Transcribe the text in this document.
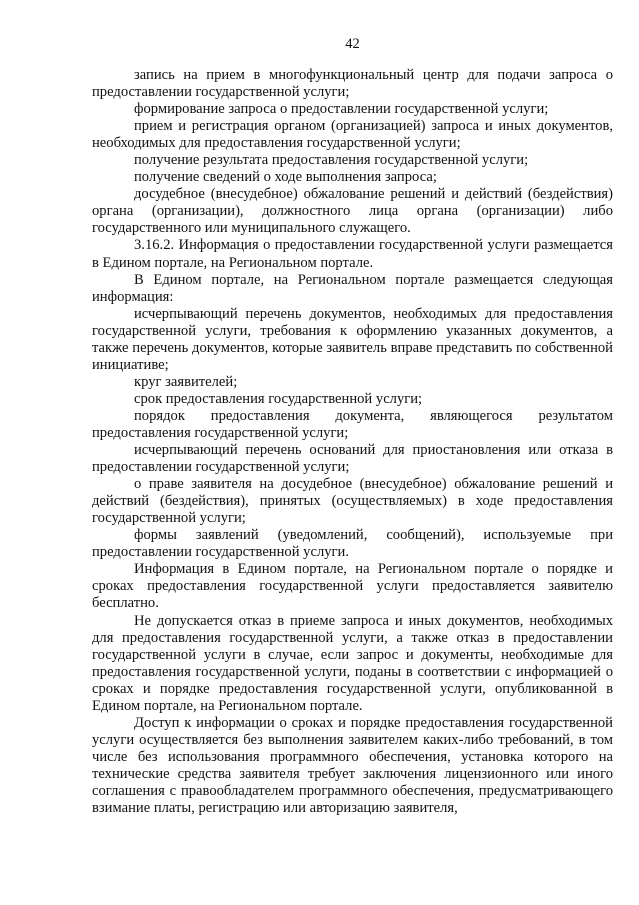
42

запись на прием в многофункциональный центр для подачи запроса о предоставлении государственной услуги;

формирование запроса о предоставлении государственной услуги;

прием и регистрация органом (организацией) запроса и иных документов, необходимых для предоставления государственной услуги;

получение результата предоставления государственной услуги;

получение сведений о ходе выполнения запроса;

досудебное (внесудебное) обжалование решений и действий (бездействия) органа (организации), должностного лица органа (организации) либо государственного или муниципального служащего.

3.16.2. Информация о предоставлении государственной услуги размещается в Едином портале, на Региональном портале.

В Едином портале, на Региональном портале размещается следующая информация:

исчерпывающий перечень документов, необходимых для предоставления государственной услуги, требования к оформлению указанных документов, а также перечень документов, которые заявитель вправе представить по собственной инициативе;

круг заявителей;

срок предоставления государственной услуги;

порядок предоставления документа, являющегося результатом предоставления государственной услуги;

исчерпывающий перечень оснований для приостановления или отказа в предоставлении государственной услуги;

о праве заявителя на досудебное (внесудебное) обжалование решений и действий (бездействия), принятых (осуществляемых) в ходе предоставления государственной услуги;

формы заявлений (уведомлений, сообщений), используемые при предоставлении государственной услуги.

Информация в Едином портале, на Региональном портале о порядке и сроках предоставления государственной услуги предоставляется заявителю бесплатно.

Не допускается отказ в приеме запроса и иных документов, необходимых для предоставления государственной услуги, а также отказ в предоставлении государственной услуги в случае, если запрос и документы, необходимые для предоставления государственной услуги, поданы в соответствии с информацией о сроках и порядке предоставления государственной услуги, опубликованной в Едином портале, на Региональном портале.

Доступ к информации о сроках и порядке предоставления государственной услуги осуществляется без выполнения заявителем каких-либо требований, в том числе без использования программного обеспечения, установка которого на технические средства заявителя требует заключения лицензионного или иного соглашения с правообладателем программного обеспечения, предусматривающего взимание платы, регистрацию или авторизацию заявителя,
